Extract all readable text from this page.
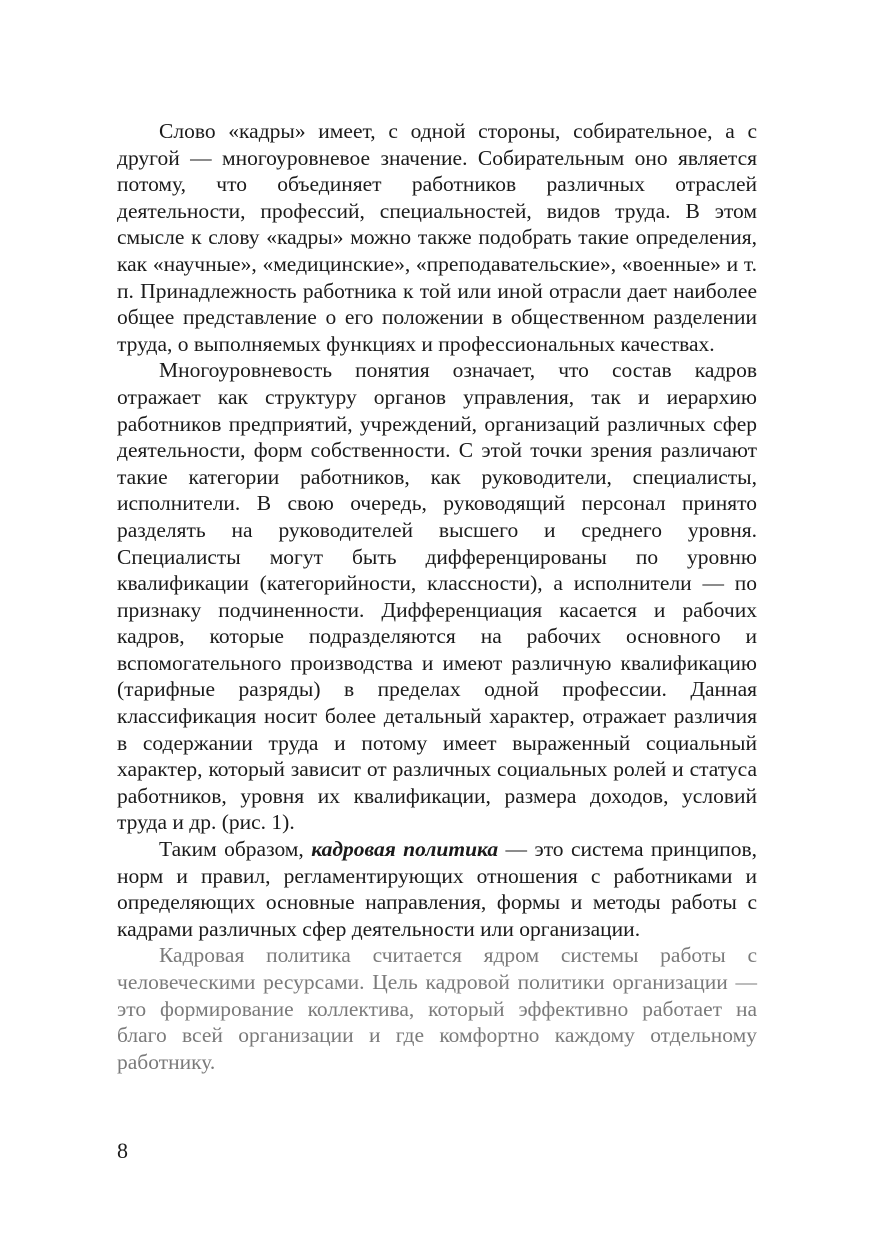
Слово «кадры» имеет, с одной стороны, собирательное, а с другой — многоуровневое значение. Собирательным оно является потому, что объединяет работников различных отраслей деятельности, профессий, специальностей, видов труда. В этом смысле к слову «кадры» можно также подобрать такие определения, как «научные», «медицинские», «преподавательские», «военные» и т. п. Принадлежность работника к той или иной отрасли дает наиболее общее представление о его положении в общественном разделении труда, о выполняемых функциях и профессиональных качествах.

Многоуровневость понятия означает, что состав кадров отражает как структуру органов управления, так и иерархию работников предприятий, учреждений, организаций различных сфер деятельности, форм собственности. С этой точки зрения различают такие категории работников, как руководители, специалисты, исполнители. В свою очередь, руководящий персонал принято разделять на руководителей высшего и среднего уровня. Специалисты могут быть дифференцированы по уровню квалификации (категорийности, классности), а исполнители — по признаку подчиненности. Дифференциация касается и рабочих кадров, которые подразделяются на рабочих основного и вспомогательного производства и имеют различную квалификацию (тарифные разряды) в пределах одной профессии. Данная классификация носит более детальный характер, отражает различия в содержании труда и потому имеет выраженный социальный характер, который зависит от различных социальных ролей и статуса работников, уровня их квалификации, размера доходов, условий труда и др. (рис. 1).

Таким образом, кадровая политика — это система принципов, норм и правил, регламентирующих отношения с работниками и определяющих основные направления, формы и методы работы с кадрами различных сфер деятельности или организации.

Кадровая политика считается ядром системы работы с человеческими ресурсами. Цель кадровой политики организации — это формирование коллектива, который эффективно работает на благо всей организации и где комфортно каждому отдельному работнику.

8
